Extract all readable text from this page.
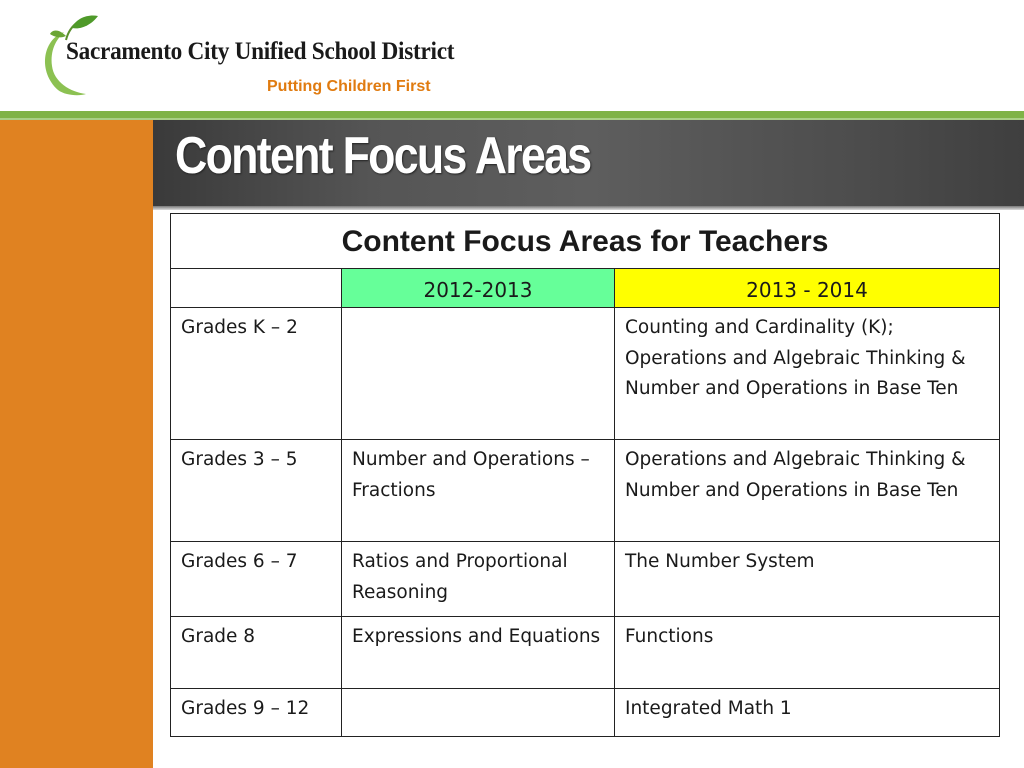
Sacramento City Unified School District
Putting Children First
Content Focus Areas
Content Focus Areas for Teachers		
	2012-2013	2013 - 2014
Grades K – 2		Counting and Cardinality (K); Operations and Algebraic Thinking & Number and Operations in Base Ten
Grades 3 – 5	Number and Operations – Fractions	Operations and Algebraic Thinking & Number and Operations in Base Ten
Grades 6 – 7	Ratios and Proportional Reasoning	The Number System
Grade 8	Expressions and Equations	Functions
Grades 9 – 12		Integrated Math 1
